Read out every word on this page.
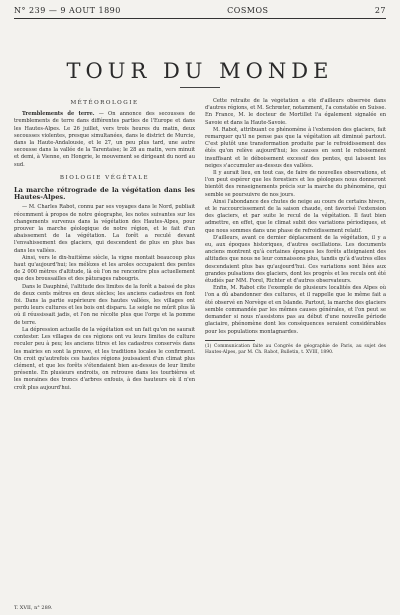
N° 239 — 9 AOUT 1890	COSMOS	27
TOUR DU MONDE
MÉTÉOROLOGIE

Tremblements de terre. — On annonce des secousses de tremblements de terre dans différentes parties de l'Europe et dans les Hautes-Alpes. Le 26 juillet, vers trois heures du matin, deux secousses violentes, presque simultanées, dans le district de Murcie, dans la Haute-Andalousie, et le 27, un peu plus tard, une autre secousse dans la vallée de la Tarentaise; le 28 au matin, vers minuit et demi, à Vienne, en Hongrie, le mouvement se dirigeant du nord au sud.

BIOLOGIE VÉGÉTALE
La marche rétrograde de la végétation dans les Hautes-Alpes.

— M. Charles Rabot, connu par ses voyages dans le Nord, publiait récemment à propos de notre géographe, les notes suivantes sur les changements survenus dans la végétation des Hautes-Alpes, pour prouver la marche géologique de notre région, et le fait d'un abaissement de la végétation. La forêt a reculé devant l'envahissement des glaciers, qui descendent de plus en plus bas dans les vallées.

Ainsi, vers le dix-huitième siècle, la vigne montait beaucoup plus haut qu'aujourd'hui; les mélèzes et les aroles occupaient des pentes de 2 000 mètres d'altitude, là où l'on ne rencontre plus actuellement que des broussailles et des pâturages rabougris.

Dans le Dauphiné, l'altitude des limites de la forêt a baissé de plus de deux cents mètres en deux siècles; les anciens cadastres en font foi. Dans la partie supérieure des hautes vallées, les villages ont perdu leurs cultures et les bois ont disparu. Le seigle ne mûrit plus là où il réussissait jadis, et l'on ne récolte plus que l'orge et la pomme de terre.

La dépression actuelle de la végétation est un fait qu'on ne saurait contester. Les villages de ces régions ont vu leurs limites de culture reculer peu à peu; les anciens titres et les cadastres conservés dans les mairies en sont la preuve, et les traditions locales le confirment. On croit qu'autrefois ces hautes régions jouissaient d'un climat plus clément, et que les forêts s'étendaient bien au-dessus de leur limite présente. En plusieurs endroits, on retrouve dans les tourbières et les moraines des troncs d'arbres enfouis, à des hauteurs où il n'en croît plus aujourd'hui.

Cette retraite de la végétation a été d'ailleurs observée dans d'autres régions, et M. Schrœter, notamment, l'a constatée en Suisse. En France, M. le docteur de Mortillet l'a également signalée en Savoie et dans la Haute-Savoie.

M. Rabot, attribuant ce phénomène à l'extension des glaciers, fait remarquer qu'il ne pense pas que la végétation ait diminué partout. C'est plutôt une transformation produite par le refroidissement des étés qu'on relève aujourd'hui; les causes en sont le reboisement insuffisant et le déboisement excessif des pentes, qui laissent les neiges s'accumuler au-dessus des vallées.

Il y aurait lieu, en tout cas, de faire de nouvelles observations, et l'on peut espérer que les forestiers et les géologues nous donneront bientôt des renseignements précis sur la marche du phénomène, qui semble se poursuivre de nos jours.

Ainsi l'abondance des chutes de neige au cours de certains hivers, et le raccourcissement de la saison chaude, ont favorisé l'extension des glaciers, et par suite le recul de la végétation. Il faut bien admettre, en effet, que le climat subit des variations périodiques, et que nous sommes dans une phase de refroidissement relatif.

D'ailleurs, avant ce dernier déplacement de la végétation, il y a eu, aux époques historiques, d'autres oscillations. Les documents anciens montrent qu'à certaines époques les forêts atteignaient des altitudes que nous ne leur connaissons plus, tandis qu'à d'autres elles descendaient plus bas qu'aujourd'hui. Ces variations sont liées aux grandes pulsations des glaciers, dont les progrès et les reculs ont été étudiés par MM. Forel, Richter et d'autres observateurs.

Enfin, M. Rabot cite l'exemple de plusieurs localités des Alpes où l'on a dû abandonner des cultures, et il rappelle que le même fait a été observé en Norvège et en Islande. Partout, la marche des glaciers semble commandée par les mêmes causes générales, et l'on peut se demander si nous n'assistons pas au début d'une nouvelle période glaciaire, phénomène dont les conséquences seraient considérables pour les populations montagnardes.

(1) Communication faite au Congrès de géographie de Paris, au sujet des Hautes-Alpes, par M. Ch. Rabot, Bulletin, t. XVIII, 1890.
T. XVII, n° 289.
